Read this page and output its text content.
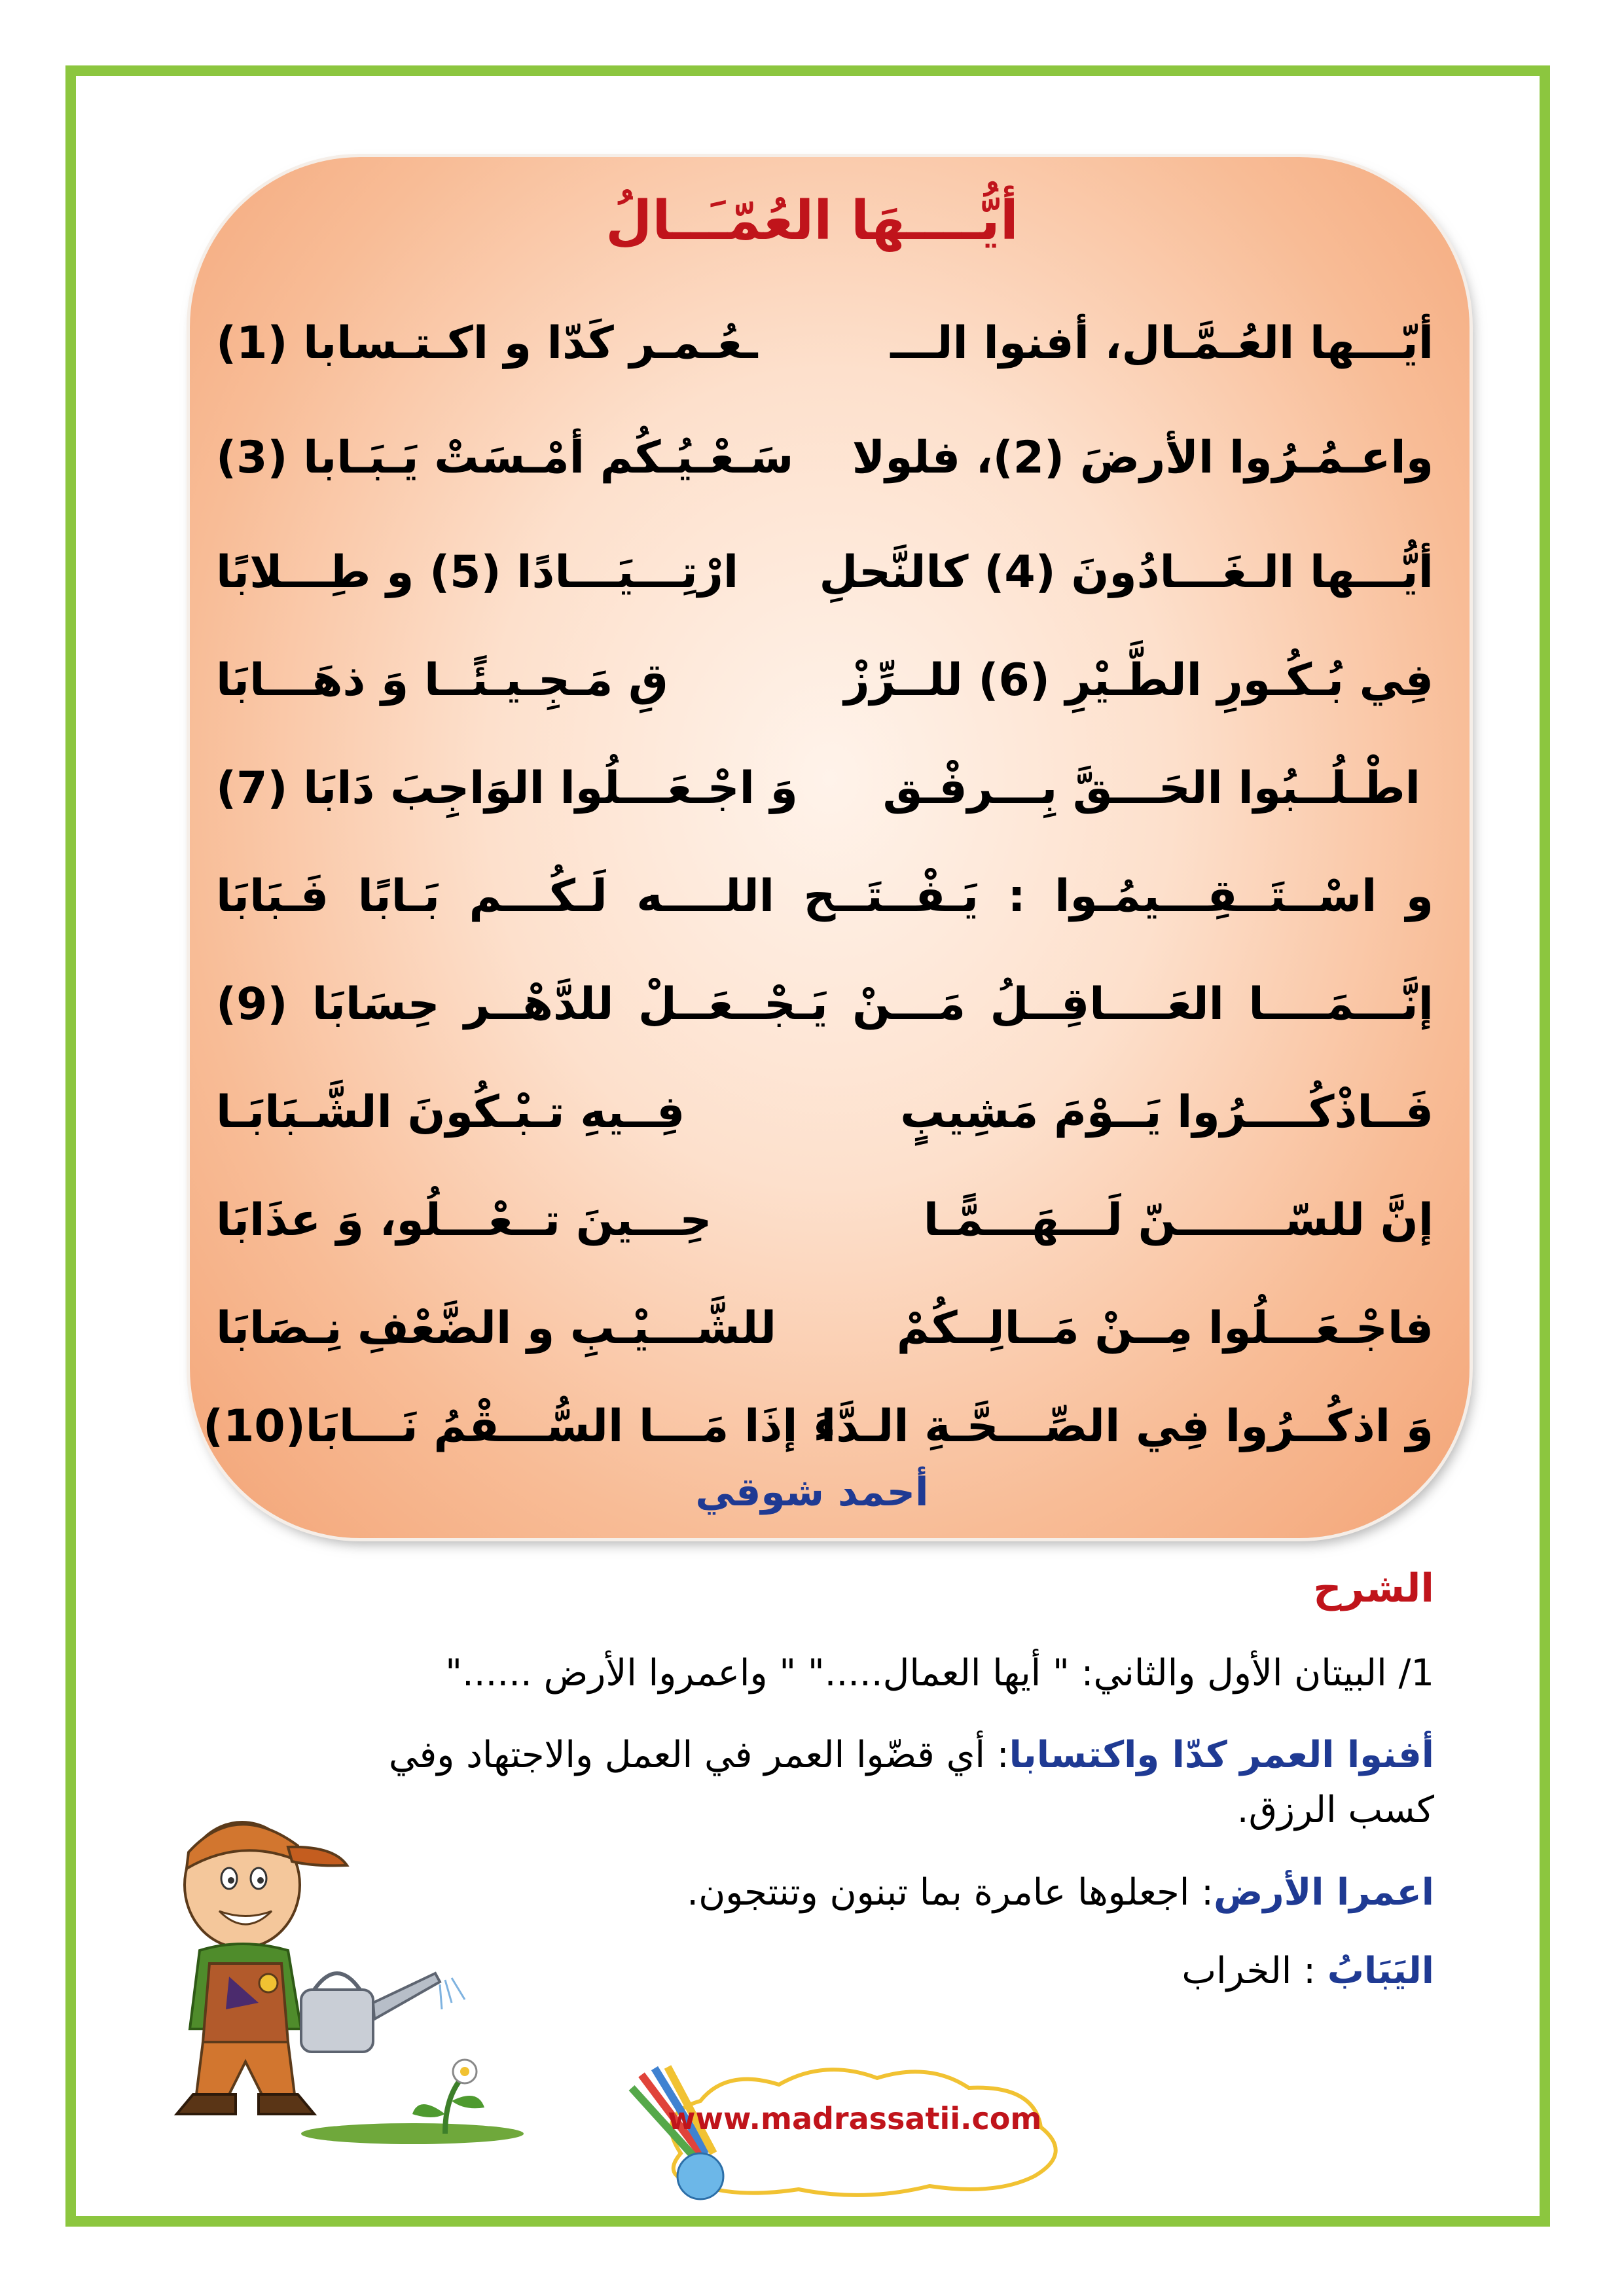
أيُّــــهَا العُمّـَــالُ
أيّـــها العُـمَّـال، أفنوا الـــ
ـعُـمـر كَدّا و اكـتـسابا (1)
واعـمُـرُوا الأرضَ (2)، فلولا
سَـعْـيُـكُم أمْـسَتْ يَـبَـابا (3)
أيُّـــها الـغَـــادُونَ (4) كالنَّحلِ
ارْتِـــيَـــادًا (5) و طِـــلابًا
فِي بُـكُـورِ الطَّـيْرِ (6) للــرِّزْ
قِ مَـجِـيـئًــا وَ ذهَـــابَا
اطْـلُــبُوا الحَـــقَّ بِـــرفْـق
وَ اجْـعَـــلُوا الوَاجِبَ دَابَا (7)
و اسْــتَــقِـــيمُـوا : يَـفْــتَــح اللــــه لَـكُـــم بَـابًا فَـبَابَا
إنَّـــمَــــا العَــــاقِــلُ مَـــنْ يَـجْــعَــلْ للدَّهْــر حِسَابَا (9)
فَــاذْكُــــرُوا يَــوْمَ مَشِيبٍ
فِــيهِ تـبْـكُونَ الشَّـبَابَـا
إنَّ للسّـــــــنّ لَـــهَـــمًّـا
حِـــينَ تــعْـــلُو، وَ عذَابَا
فاجْـعَـــلُوا مِــنْ مَــالِــكُمْ
للشَّـــيْـبِ و الضَّعْفِ نِـصَابَا
وَ اذكُــرُوا فِي الصِّـــحَّـةِ الـدَّا
ءَ إذَا مَـــا السُّـــقْمُ نَـــابَا(10)
أحمد شوقي
الشرح
1/ البيتان الأول والثاني: " أيها العمال....." " واعمروا الأرض ......"
أفنوا العمر كدّا واكتسابا: أي قضّوا العمر في العمل والاجتهاد وفي كسب الرزق.
اعمرا الأرض: اجعلوها عامرة بما تبنون وتنتجون.
اليَبَابُ : الخراب
www.madrassatii.com
